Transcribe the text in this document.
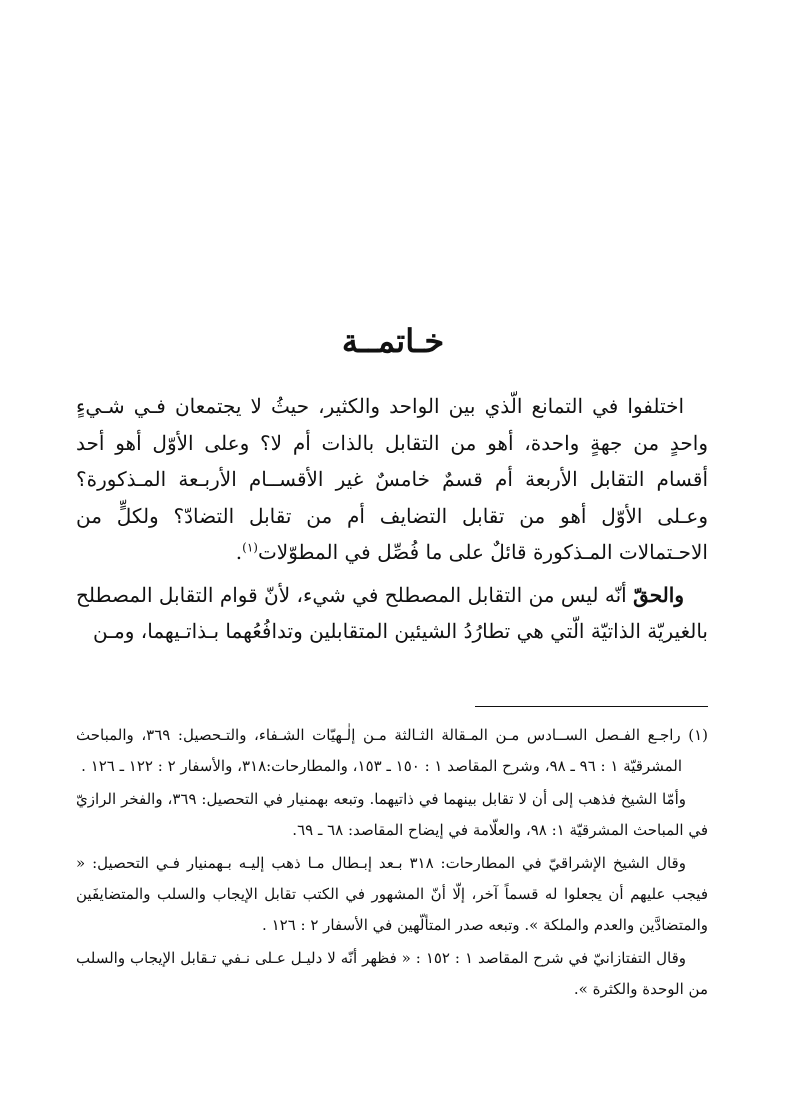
خـاتمــة

اختلفوا في التمانع الّذي بين الواحد والكثير، حيثُ لا يجتمعان فـي شـيءٍ واحدٍ من جهةٍ واحدة، أهو من التقابل بالذات أم لا؟ وعلى الأوّل أهو أحد أقسام التقابل الأربعة أم قسمٌ خامسٌ غير الأقســام الأربـعة المـذكورة؟ وعـلى الأوّل أهو من تقابل التضايف أم من تقابل التضادّ؟ ولكلٍّ من الاحـتمالات المـذكورة قائلٌ على ما فُصِّل في المطوّلات$^{(١)}$.

والحقّ أنّه ليس من التقابل المصطلح في شيء، لأنّ قوام التقابل المصطلح بالغيريّة الذاتيّة الّتي هي تطارُدُ الشيئين المتقابلين وتدافُعُهما بـذاتـيهما، ومـن

(١) راجـع الفـصل الســادس مـن المـقالة الثـالثة مـن إلٰـهيّات الشـفاء، والتـحصيل: ٣٦٩، والمباحث المشرقيّة ١ : ٩٦ ـ ٩٨، وشرح المقاصد ١ : ١٥٠ ـ ١٥٣، والمطارحات:٣١٨، والأسفار ٢ : ١٢٢ ـ ١٢٦ .

وأمّا الشيخ فذهب إلى أن لا تقابل بينهما في ذاتيهما. وتبعه بهمنيار في التحصيل: ٣٦٩، والفخر الرازيّ في المباحث المشرقيّة ١: ٩٨، والعلّامة في إيضاح المقاصد: ٦٨ ـ ٦٩.

وقال الشيخ الإشراقيّ في المطارحات: ٣١٨ بـعد إبـطال مـا ذهب إليـه بـهمنيار فـي التحصيل: « فيجب عليهم أن يجعلوا له قسماً آخر، إلّا أنّ المشهور في الكتب تقابل الإيجاب والسلب والمتضايفَين والمتضادَّين والعدم والملكة ». وتبعه صدر المتألّهين في الأسفار ٢ : ١٢٦ .

وقال التفتازانيّ في شرح المقاصد ١ : ١٥٢ : « فظهر أنّه لا دليـل عـلى نـفي تـقابل الإيجاب والسلب من الوحدة والكثرة ».
